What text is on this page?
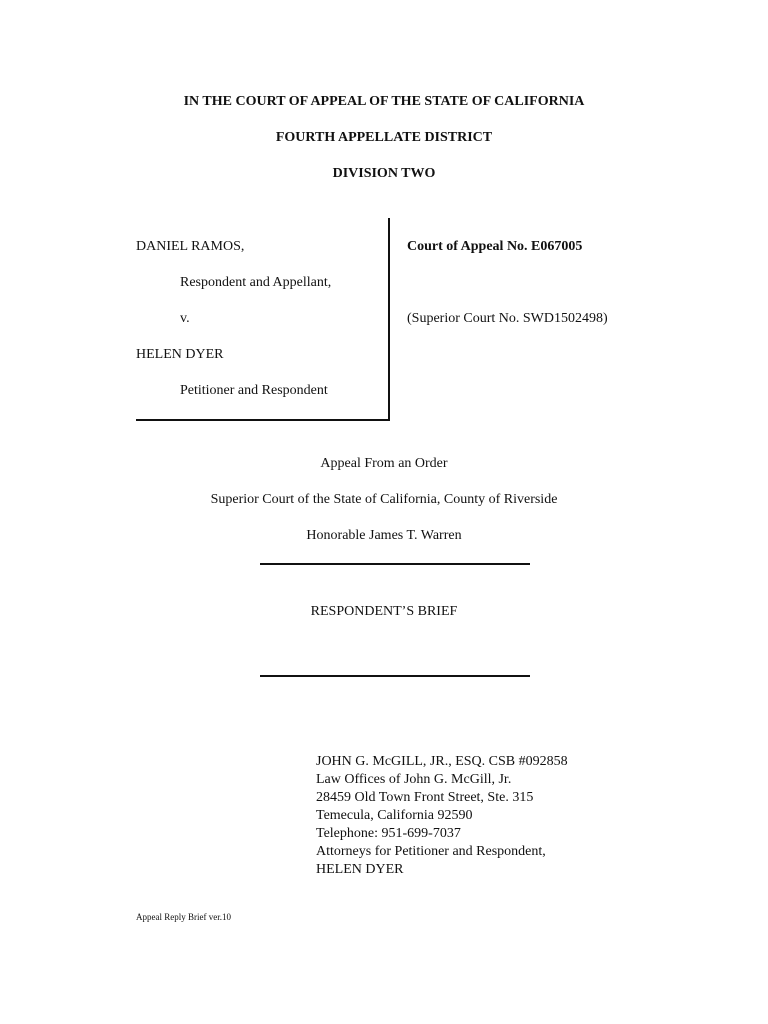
IN THE COURT OF APPEAL OF THE STATE OF CALIFORNIA
FOURTH APPELLATE DISTRICT
DIVISION TWO
DANIEL RAMOS,
Respondent and Appellant,
v.
HELEN DYER
Petitioner and Respondent
Court of Appeal No. E067005
(Superior Court No. SWD1502498)
Appeal From an Order
Superior Court of the State of California, County of Riverside
Honorable James T. Warren
RESPONDENT’S BRIEF
JOHN G. McGILL, JR., ESQ. CSB #092858
Law Offices of John G. McGill, Jr.
28459 Old Town Front Street, Ste. 315
Temecula, California 92590
Telephone: 951-699-7037
Attorneys for Petitioner and Respondent,
HELEN DYER
Appeal Reply Brief ver.10
